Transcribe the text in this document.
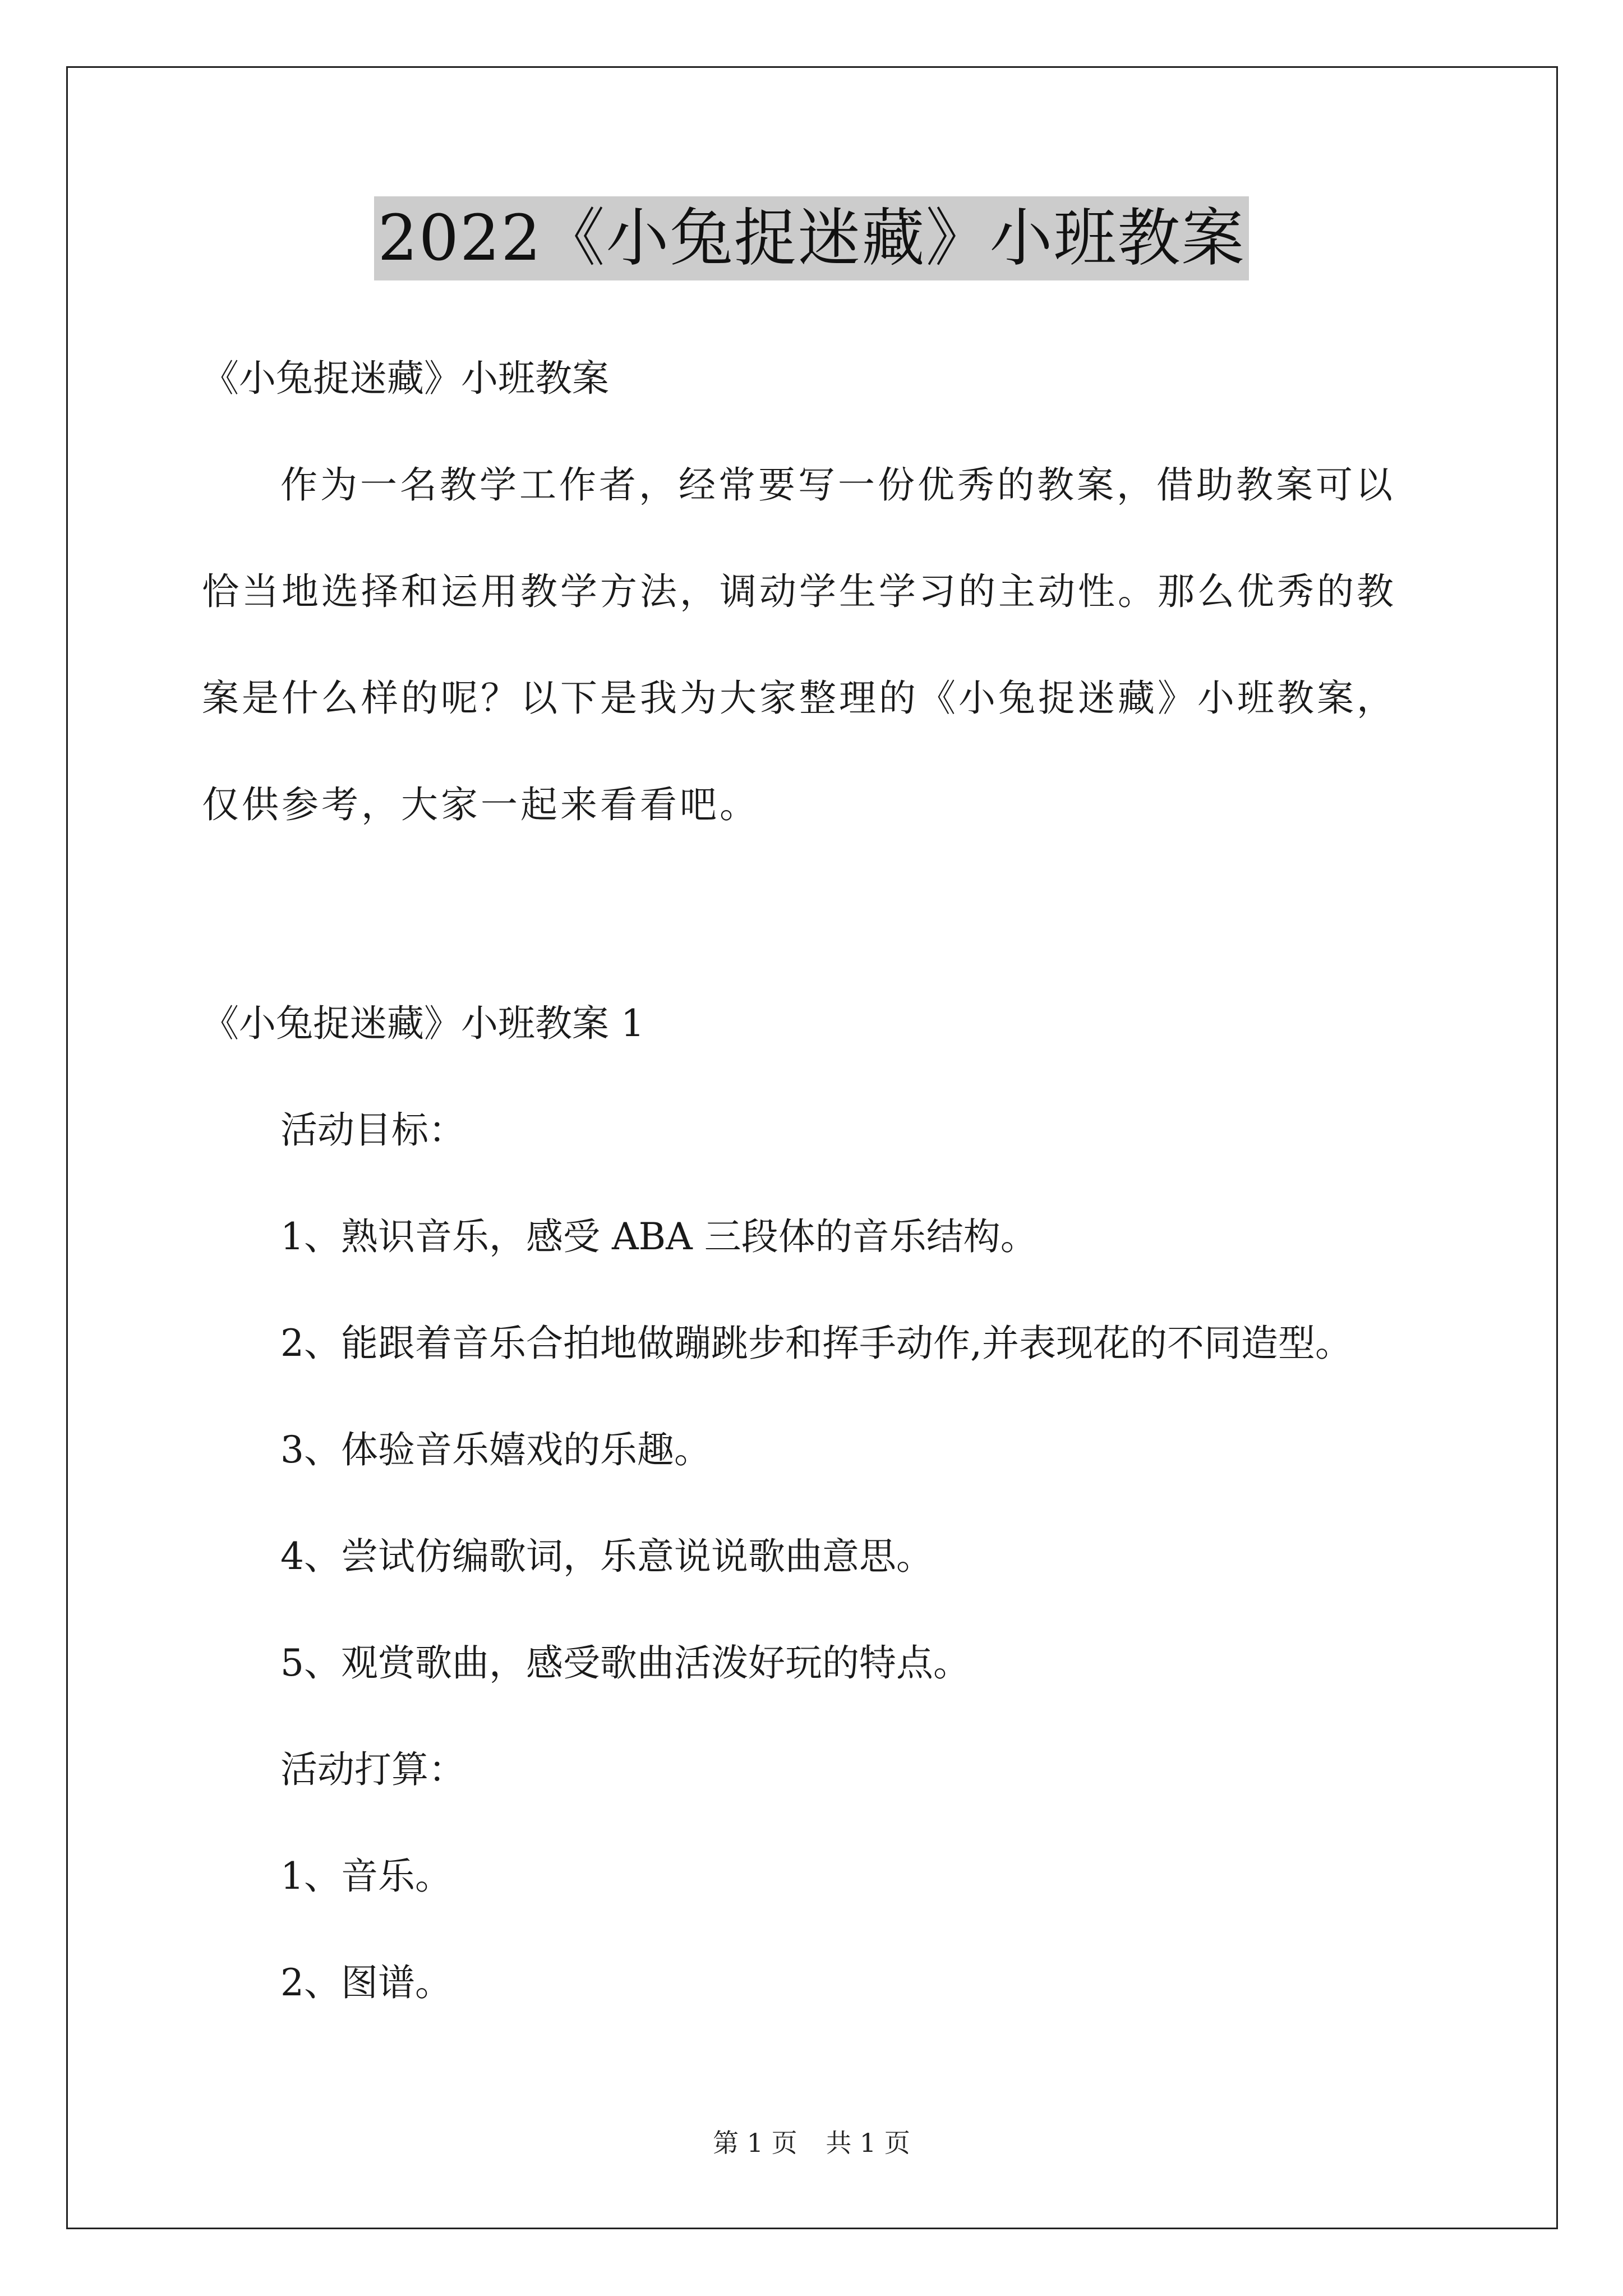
2022《小兔捉迷藏》小班教案
《小兔捉迷藏》小班教案
作为一名教学工作者，经常要写一份优秀的教案，借助教案可以
恰当地选择和运用教学方法，调动学生学习的主动性。那么优秀的教
案是什么样的呢？以下是我为大家整理的《小兔捉迷藏》小班教案，
仅供参考，大家一起来看看吧。
《小兔捉迷藏》小班教案 1
活动目标：
1、熟识音乐，感受 ABA 三段体的音乐结构。
2、能跟着音乐合拍地做蹦跳步和挥手动作,并表现花的不同造型。
3、体验音乐嬉戏的乐趣。
4、尝试仿编歌词，乐意说说歌曲意思。
5、观赏歌曲，感受歌曲活泼好玩的特点。
活动打算：
1、音乐。
2、图谱。
第 1 页 共 1 页
